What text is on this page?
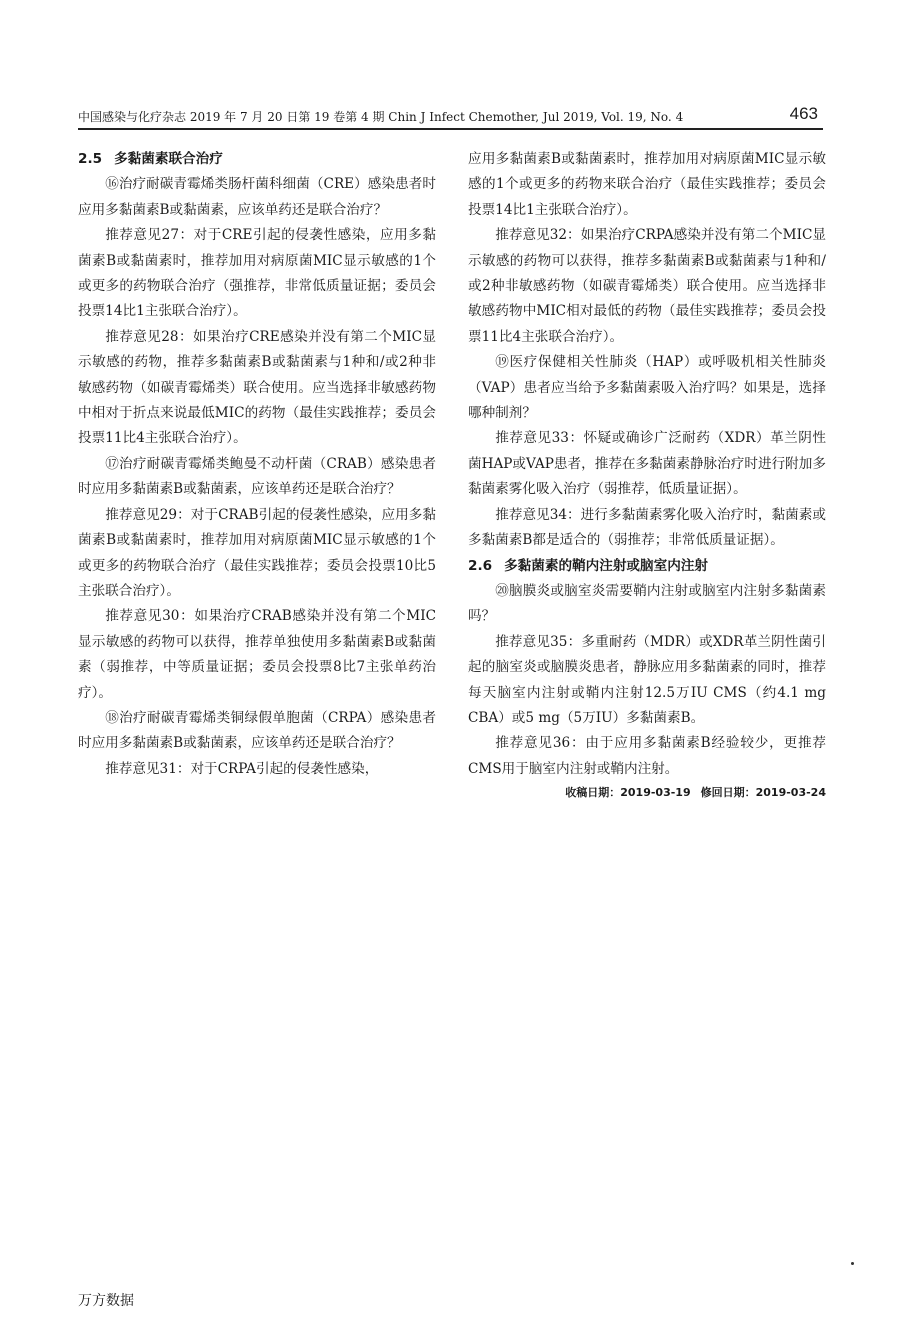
中国感染与化疗杂志 2019 年 7 月 20 日第 19 卷第 4 期 Chin J Infect Chemother, Jul 2019, Vol. 19, No. 4	463
2.5 多黏菌素联合治疗

⑯治疗耐碳青霉烯类肠杆菌科细菌（CRE）感染患者时应用多黏菌素B或黏菌素，应该单药还是联合治疗？

推荐意见27：对于CRE引起的侵袭性感染，应用多黏菌素B或黏菌素时，推荐加用对病原菌MIC显示敏感的1个或更多的药物联合治疗（强推荐，非常低质量证据；委员会投票14比1主张联合治疗）。

推荐意见28：如果治疗CRE感染并没有第二个MIC显示敏感的药物，推荐多黏菌素B或黏菌素与1种和/或2种非敏感药物（如碳青霉烯类）联合使用。应当选择非敏感药物中相对于折点来说最低MIC的药物（最佳实践推荐；委员会投票11比4主张联合治疗）。

⑰治疗耐碳青霉烯类鲍曼不动杆菌（CRAB）感染患者时应用多黏菌素B或黏菌素，应该单药还是联合治疗？

推荐意见29：对于CRAB引起的侵袭性感染，应用多黏菌素B或黏菌素时，推荐加用对病原菌MIC显示敏感的1个或更多的药物联合治疗（最佳实践推荐；委员会投票10比5主张联合治疗）。

推荐意见30：如果治疗CRAB感染并没有第二个MIC显示敏感的药物可以获得，推荐单独使用多黏菌素B或黏菌素（弱推荐，中等质量证据；委员会投票8比7主张单药治疗）。

⑱治疗耐碳青霉烯类铜绿假单胞菌（CRPA）感染患者时应用多黏菌素B或黏菌素，应该单药还是联合治疗？

推荐意见31：对于CRPA引起的侵袭性感染，

应用多黏菌素B或黏菌素时，推荐加用对病原菌MIC显示敏感的1个或更多的药物来联合治疗（最佳实践推荐；委员会投票14比1主张联合治疗）。

推荐意见32：如果治疗CRPA感染并没有第二个MIC显示敏感的药物可以获得，推荐多黏菌素B或黏菌素与1种和/或2种非敏感药物（如碳青霉烯类）联合使用。应当选择非敏感药物中MIC相对最低的药物（最佳实践推荐；委员会投票11比4主张联合治疗）。

⑲医疗保健相关性肺炎（HAP）或呼吸机相关性肺炎（VAP）患者应当给予多黏菌素吸入治疗吗？如果是，选择哪种制剂？

推荐意见33：怀疑或确诊广泛耐药（XDR）革兰阴性菌HAP或VAP患者，推荐在多黏菌素静脉治疗时进行附加多黏菌素雾化吸入治疗（弱推荐，低质量证据）。

推荐意见34：进行多黏菌素雾化吸入治疗时，黏菌素或多黏菌素B都是适合的（弱推荐；非常低质量证据）。

2.6 多黏菌素的鞘内注射或脑室内注射

⑳脑膜炎或脑室炎需要鞘内注射或脑室内注射多黏菌素吗？

推荐意见35：多重耐药（MDR）或XDR革兰阴性菌引起的脑室炎或脑膜炎患者，静脉应用多黏菌素的同时，推荐每天脑室内注射或鞘内注射12.5万IU CMS（约4.1 mg CBA）或5 mg（5万IU）多黏菌素B。

推荐意见36：由于应用多黏菌素B经验较少，更推荐CMS用于脑室内注射或鞘内注射。

收稿日期：2019-03-19 修回日期：2019-03-24
万方数据
